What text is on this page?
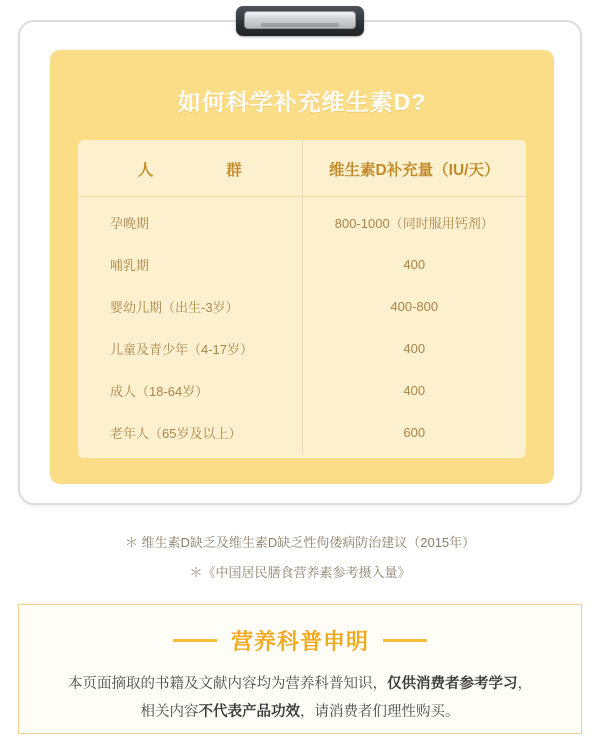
如何科学补充维生素D?
人　　群	维生素D补充量（IU/天）
孕晚期	800-1000（同时服用钙剂）
哺乳期	400
婴幼儿期（出生-3岁）	400-800
儿童及青少年（4-17岁）	400
成人（18-64岁）	400
老年人（65岁及以上）	600
＊ 维生素D缺乏及维生素D缺乏性佝偻病防治建议（2015年）
＊《中国居民膳食营养素参考摄入量》
营养科普申明
本页面摘取的书籍及文献内容均为营养科普知识，仅供消费者参考学习，
相关内容不代表产品功效，请消费者们理性购买。
